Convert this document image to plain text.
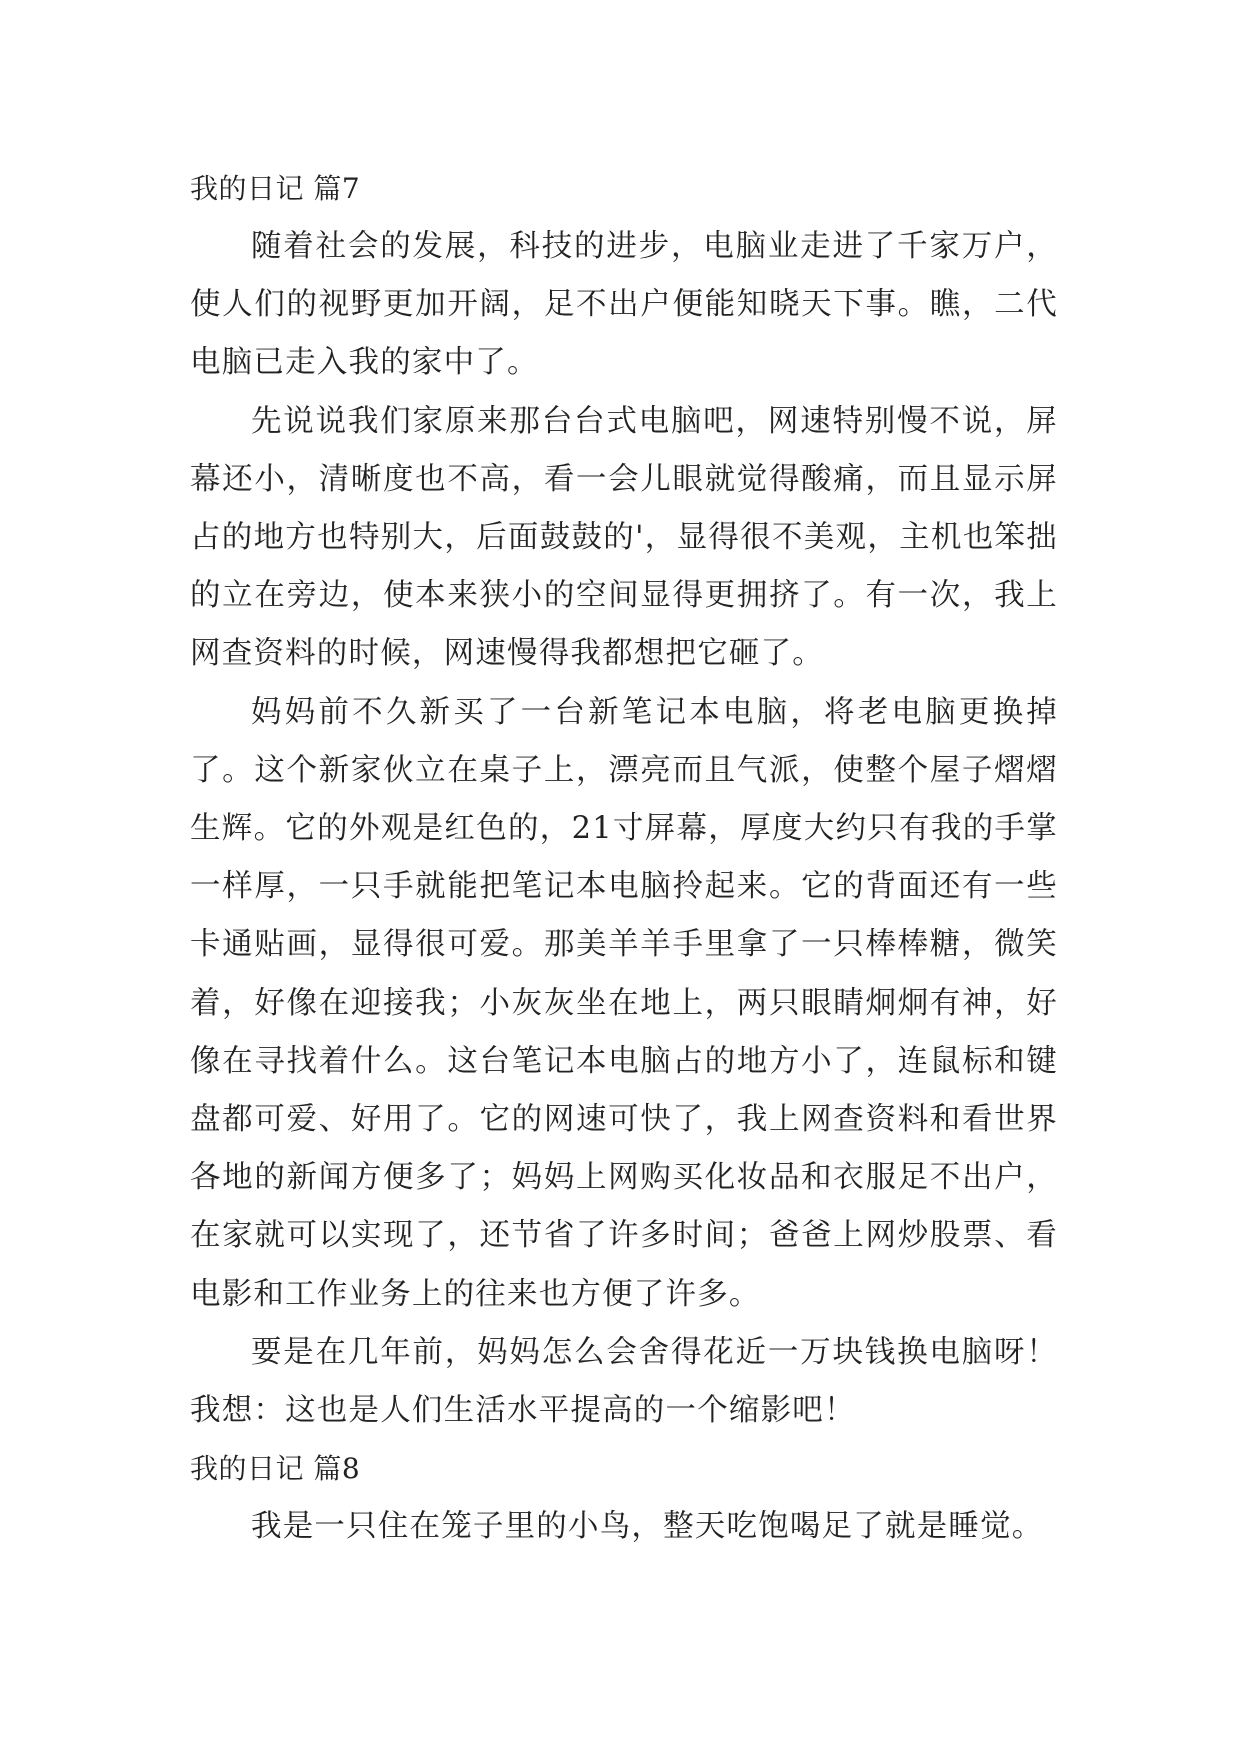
我的日记 篇7

随着社会的发展，科技的进步，电脑业走进了千家万户，使人们的视野更加开阔，足不出户便能知晓天下事。瞧，二代电脑已走入我的家中了。

先说说我们家原来那台台式电脑吧，网速特别慢不说，屏幕还小，清晰度也不高，看一会儿眼就觉得酸痛，而且显示屏占的地方也特别大，后面鼓鼓的'，显得很不美观，主机也笨拙的立在旁边，使本来狭小的空间显得更拥挤了。有一次，我上网查资料的时候，网速慢得我都想把它砸了。

妈妈前不久新买了一台新笔记本电脑，将老电脑更换掉了。这个新家伙立在桌子上，漂亮而且气派，使整个屋子熠熠生辉。它的外观是红色的，21寸屏幕，厚度大约只有我的手掌一样厚，一只手就能把笔记本电脑拎起来。它的背面还有一些卡通贴画，显得很可爱。那美羊羊手里拿了一只棒棒糖，微笑着，好像在迎接我；小灰灰坐在地上，两只眼睛炯炯有神，好像在寻找着什么。这台笔记本电脑占的地方小了，连鼠标和键盘都可爱、好用了。它的网速可快了，我上网查资料和看世界各地的新闻方便多了；妈妈上网购买化妆品和衣服足不出户，在家就可以实现了，还节省了许多时间；爸爸上网炒股票、看电影和工作业务上的往来也方便了许多。

要是在几年前，妈妈怎么会舍得花近一万块钱换电脑呀！我想：这也是人们生活水平提高的一个缩影吧！

我的日记 篇8

我是一只住在笼子里的小鸟，整天吃饱喝足了就是睡觉。
